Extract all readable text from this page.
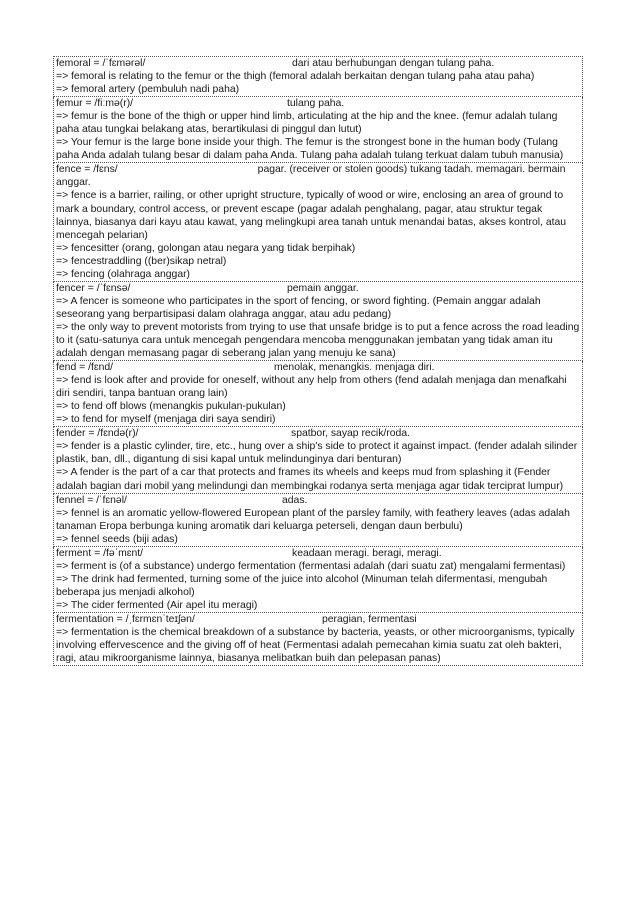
femoral = /ˈfɛmərəl/	dari atau berhubungan dengan tulang paha.
=> femoral is relating to the femur or the thigh (femoral adalah berkaitan dengan tulang paha atau paha)
=> femoral artery (pembuluh nadi paha)
femur = /fiːmə(r)/	tulang paha.
=> femur is the bone of the thigh or upper hind limb, articulating at the hip and the knee. (femur adalah tulang paha atau tungkai belakang atas, berartikulasi di pinggul dan lutut)
=> Your femur is the large bone inside your thigh. The femur is the strongest bone in the human body (Tulang paha Anda adalah tulang besar di dalam paha Anda. Tulang paha adalah tulang terkuat dalam tubuh manusia)
fence = /fɛns/	pagar. (receiver or stolen goods) tukang tadah. memagari. bermain anggar.
=> fence is a barrier, railing, or other upright structure, typically of wood or wire, enclosing an area of ground to mark a boundary, control access, or prevent escape (pagar adalah penghalang, pagar, atau struktur tegak lainnya, biasanya dari kayu atau kawat, yang melingkupi area tanah untuk menandai batas, akses kontrol, atau mencegah pelarian)
=> fencesitter (orang, golongan atau negara yang tidak berpihak)
=> fencestraddling ((ber)sikap netral)
=> fencing (olahraga anggar)
fencer = /ˈfɛnsə/	pemain anggar.
=> A fencer is someone who participates in the sport of fencing, or sword fighting. (Pemain anggar adalah seseorang yang berpartisipasi dalam olahraga anggar, atau adu pedang)
=> the only way to prevent motorists from trying to use that unsafe bridge is to put a fence across the road leading to it (satu-satunya cara untuk mencegah pengendara mencoba menggunakan jembatan yang tidak aman itu adalah dengan memasang pagar di seberang jalan yang menuju ke sana)
fend = /fɛnd/	menolak, menangkis. menjaga diri.
=> fend is look after and provide for oneself, without any help from others (fend adalah menjaga dan menafkahi diri sendiri, tanpa bantuan orang lain)
=> to fend off blows (menangkis pukulan-pukulan)
=> to fend for myself (menjaga diri saya sendiri)
fender = /fɛndə(r)/	spatbor, sayap recik/roda.
=> fender is a plastic cylinder, tire, etc., hung over a ship's side to protect it against impact. (fender adalah silinder plastik, ban, dll., digantung di sisi kapal untuk melindunginya dari benturan)
=> A fender is the part of a car that protects and frames its wheels and keeps mud from splashing it (Fender adalah bagian dari mobil yang melindungi dan membingkai rodanya serta menjaga agar tidak terciprat lumpur)
fennel = /ˈfɛnəl/	adas.
=> fennel is an aromatic yellow-flowered European plant of the parsley family, with feathery leaves (adas adalah tanaman Eropa berbunga kuning aromatik dari keluarga peterseli, dengan daun berbulu)
=> fennel seeds (biji adas)
ferment = /fəˈmɛnt/	keadaan meragi. beragi, meragi.
=> ferment is (of a substance) undergo fermentation (fermentasi adalah (dari suatu zat) mengalami fermentasi)
=> The drink had fermented, turning some of the juice into alcohol (Minuman telah difermentasi, mengubah beberapa jus menjadi alkohol)
=> The cider fermented (Air apel itu meragi)
fermentation = /ˌfɛrmɛnˈteɪʃən/	peragian, fermentasi
=> fermentation is the chemical breakdown of a substance by bacteria, yeasts, or other microorganisms, typically involving effervescence and the giving off of heat (Fermentasi adalah pemecahan kimia suatu zat oleh bakteri, ragi, atau mikroorganisme lainnya, biasanya melibatkan buih dan pelepasan panas)
